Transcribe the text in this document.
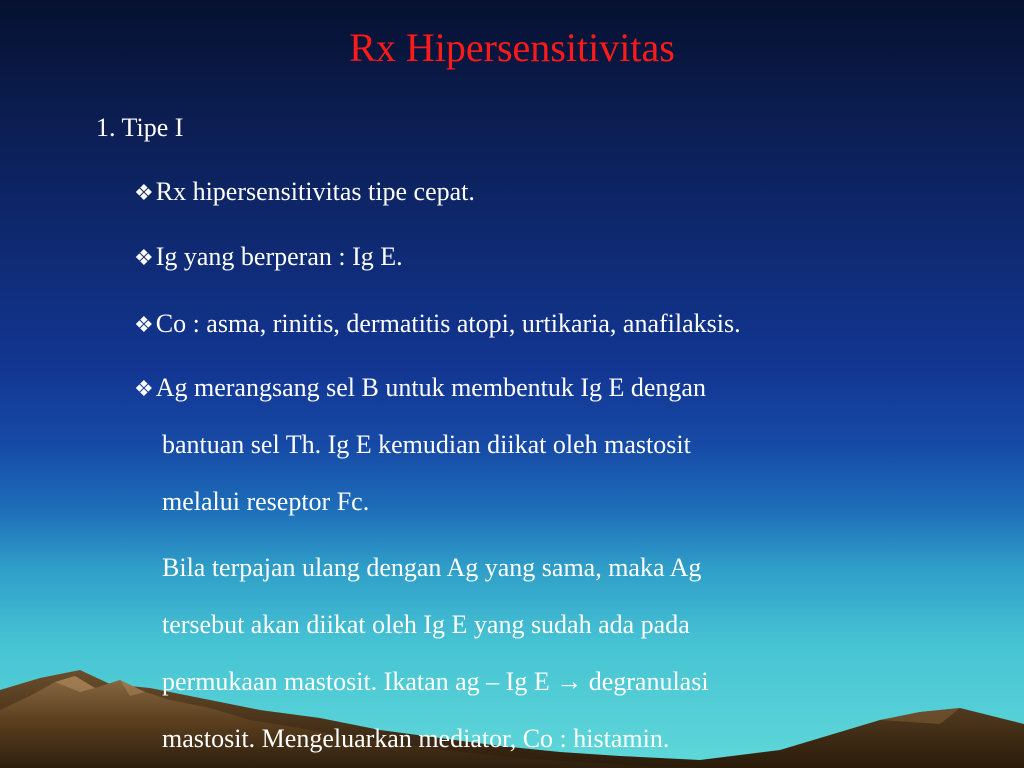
Rx Hipersensitivitas
1. Tipe I
❖Rx hipersensitivitas tipe cepat.
❖Ig yang berperan : Ig E.
❖Co : asma, rinitis, dermatitis atopi, urtikaria, anafilaksis.
❖Ag merangsang sel B untuk membentuk Ig E dengan
bantuan sel Th. Ig E kemudian diikat oleh mastosit
melalui reseptor Fc.
Bila terpajan ulang dengan Ag yang sama, maka Ag
tersebut akan diikat oleh Ig E yang sudah ada pada
permukaan mastosit. Ikatan ag – Ig E → degranulasi
mastosit. Mengeluarkan mediator, Co : histamin.
